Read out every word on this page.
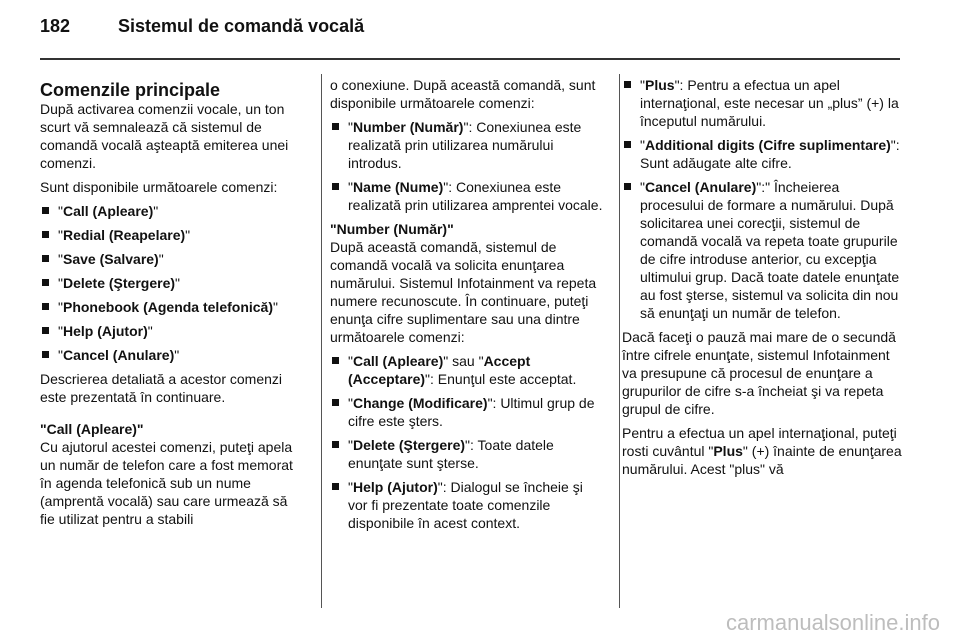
182	Sistemul de comandă vocală

Comenzile principale

După activarea comenzii vocale, un ton scurt vă semnalează că sistemul de comandă vocală aşteaptă emiterea unei comenzi.

Sunt disponibile următoarele comenzi:

"Call (Apleare)"
"Redial (Reapelare)"
"Save (Salvare)"
"Delete (Ştergere)"
"Phonebook (Agenda telefonică)"
"Help (Ajutor)"
"Cancel (Anulare)"

Descrierea detaliată a acestor comenzi este prezentată în continuare.

"Call (Apleare)"

Cu ajutorul acestei comenzi, puteţi apela un număr de telefon care a fost memorat în agenda telefonică sub un nume (amprentă vocală) sau care urmează să fie utilizat pentru a stabili

o conexiune. După această comandă, sunt disponibile următoarele comenzi:

"Number (Număr)": Conexiunea este realizată prin utilizarea numărului introdus.
"Name (Nume)": Conexiunea este realizată prin utilizarea amprentei vocale.

"Number (Număr)"

După această comandă, sistemul de comandă vocală va solicita enunţarea numărului. Sistemul Infotainment va repeta numere recunoscute. În continuare, puteţi enunţa cifre suplimentare sau una dintre următoarele comenzi:

"Call (Apleare)" sau "Accept (Acceptare)": Enunţul este acceptat.
"Change (Modificare)": Ultimul grup de cifre este şters.
"Delete (Ştergere)": Toate datele enunţate sunt şterse.
"Help (Ajutor)": Dialogul se încheie şi vor fi prezentate toate comenzile disponibile în acest context.
"Plus": Pentru a efectua un apel internaţional, este necesar un „plus” (+) la începutul numărului.
"Additional digits (Cifre suplimentare)": Sunt adăugate alte cifre.
"Cancel (Anulare)":" Încheierea procesului de formare a numărului. După solicitarea unei corecţii, sistemul de comandă vocală va repeta toate grupurile de cifre introduse anterior, cu excepţia ultimului grup. Dacă toate datele enunţate au fost şterse, sistemul va solicita din nou să enunţaţi un număr de telefon.

Dacă faceţi o pauză mai mare de o secundă între cifrele enunţate, sistemul Infotainment va presupune că procesul de enunţare a grupurilor de cifre s-a încheiat şi va repeta grupul de cifre.

Pentru a efectua un apel internaţional, puteţi rosti cuvântul "Plus" (+) înainte de enunţarea numărului. Acest "plus" vă

carmanualsonline.info
